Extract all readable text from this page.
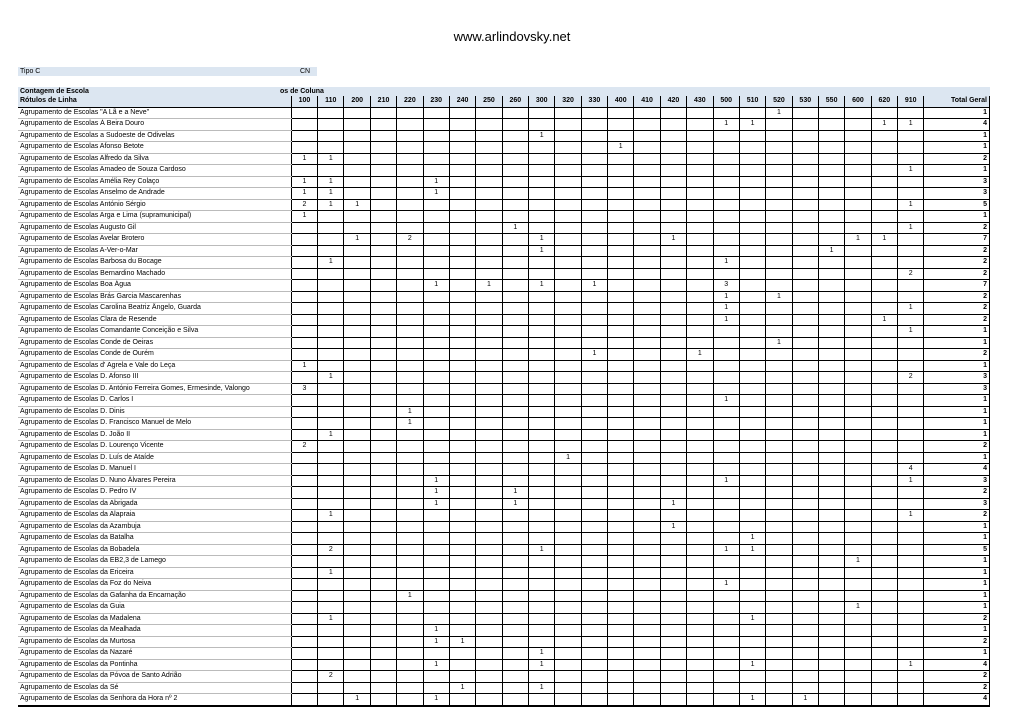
www.arlindovsky.net
Tipo C	CN
Contagem de Escola	os de Coluna
Rótulos de Linha	100	110	200	210	220	230	240	250	260	300	320	330	400	410	420	430	500	510	520	530	550	600	620	910	Total Geral
Agrupamento de Escolas "A Lã e a Neve"																			1						1
Agrupamento de Escolas À Beira Douro																	1	1					1	1	4
Agrupamento de Escolas a Sudoeste de Odivelas										1															1
Agrupamento de Escolas Afonso Betote													1												1
Agrupamento de Escolas Alfredo da Silva	1	1																							2
Agrupamento de Escolas Amadeo de Souza Cardoso																								1	1
Agrupamento de Escolas Amélia Rey Colaço	1	1				1																			3
Agrupamento de Escolas Anselmo de Andrade	1	1				1																			3
Agrupamento de Escolas António Sérgio	2	1	1																					1	5
Agrupamento de Escolas Arga e Lima (supramunicipal)	1																								1
Agrupamento de Escolas Augusto Gil									1															1	2
Agrupamento de Escolas Avelar Brotero			1		2					1					1							1	1		7
Agrupamento de Escolas A-Ver-o-Mar										1											1				2
Agrupamento de Escolas Barbosa du Bocage		1															1								2
Agrupamento de Escolas Bernardino Machado																								2	2
Agrupamento de Escolas Boa Água						1		1		1		1					3								7
Agrupamento de Escolas Brás Garcia Mascarenhas																	1		1						2
Agrupamento de Escolas Carolina Beatriz Ângelo, Guarda																	1							1	2
Agrupamento de Escolas Clara de Resende																	1						1		2
Agrupamento de Escolas Comandante Conceição e Silva																								1	1
Agrupamento de Escolas Conde de Oeiras																			1						1
Agrupamento de Escolas Conde de Ourém												1				1									2
Agrupamento de Escolas d' Agrela e Vale do Leça	1																								1
Agrupamento de Escolas D. Afonso III		1																						2	3
Agrupamento de Escolas D. António Ferreira Gomes, Ermesinde, Valongo	3																								3
Agrupamento de Escolas D. Carlos I																	1								1
Agrupamento de Escolas D. Dinis					1																				1
Agrupamento de Escolas D. Francisco Manuel de Melo					1																				1
Agrupamento de Escolas D. João II		1																							1
Agrupamento de Escolas D. Lourenço Vicente	2																								2
Agrupamento de Escolas D. Luís de Ataíde											1														1
Agrupamento de Escolas D. Manuel I																								4	4
Agrupamento de Escolas D. Nuno Álvares Pereira						1											1							1	3
Agrupamento de Escolas D. Pedro IV						1			1																2
Agrupamento de Escolas da Abrigada						1			1						1										3
Agrupamento de Escolas da Alapraia		1																						1	2
Agrupamento de Escolas da Azambuja															1										1
Agrupamento de Escolas da Batalha																		1							1
Agrupamento de Escolas da Bobadela		2								1							1	1							5
Agrupamento de Escolas da EB2,3 de Lamego																						1			1
Agrupamento de Escolas da Ericeira		1																							1
Agrupamento de Escolas da Foz do Neiva																	1								1
Agrupamento de Escolas da Gafanha da Encarnação					1																				1
Agrupamento de Escolas da Guia																						1			1
Agrupamento de Escolas da Madalena		1																1							2
Agrupamento de Escolas da Mealhada						1																			1
Agrupamento de Escolas da Murtosa						1	1																		2
Agrupamento de Escolas da Nazaré										1															1
Agrupamento de Escolas da Pontinha						1				1								1						1	4
Agrupamento de Escolas da Póvoa de Santo Adrião		2																							2
Agrupamento de Escolas da Sé							1			1															2
Agrupamento de Escolas da Senhora da Hora nº 2			1			1												1		1					4
